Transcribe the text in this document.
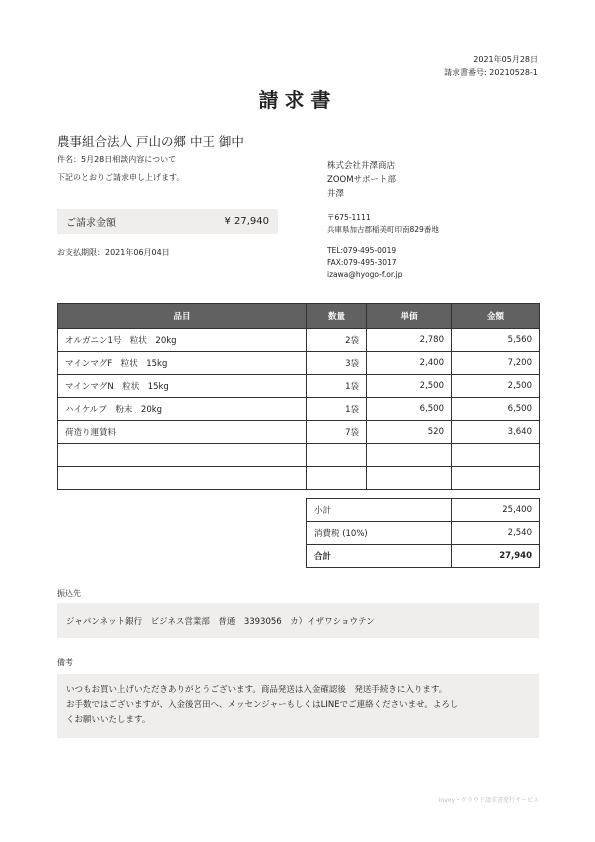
2021年05月28日
請求書番号: 20210528-1
請求書
農事組合法人 戸山の郷 中王 御中
件名：5月28日相談内容について
下記のとおりご請求申し上げます。
ご請求金額	¥ 27,940
お支払期限：2021年06月04日
株式会社井澤商店
ZOOMサポート部
井澤
〒675-1111
兵庫県加古郡稲美町印南829番地
TEL:079-495-0019
FAX:079-495-3017
izawa@hyogo-f.or.jp
品目	数量	単価	金額
オルガニン1号　粒状　20kg	2袋	2,780	5,560
マインマグF　粒状　15kg	3袋	2,400	7,200
マインマグN　粒状　15kg	1袋	2,500	2,500
ハイケルプ　粉末　20kg	1袋	6,500	6,500
荷造り運賃料	7袋	520	3,640

小計	25,400
消費税 (10%)	2,540
合計	27,940
振込先
ジャパンネット銀行　ビジネス営業部　普通　3393056　カ）イザワショウテン
備考
いつもお買い上げいただきありがとうございます。商品発送は入金確認後　発送手続きに入ります。
お手数ではございますが、入金後宮田へ、メッセンジャーもしくはLINEでご連絡くださいませ。よろし
くお願いいたします。
invoy・クラウド請求書発行サービス
